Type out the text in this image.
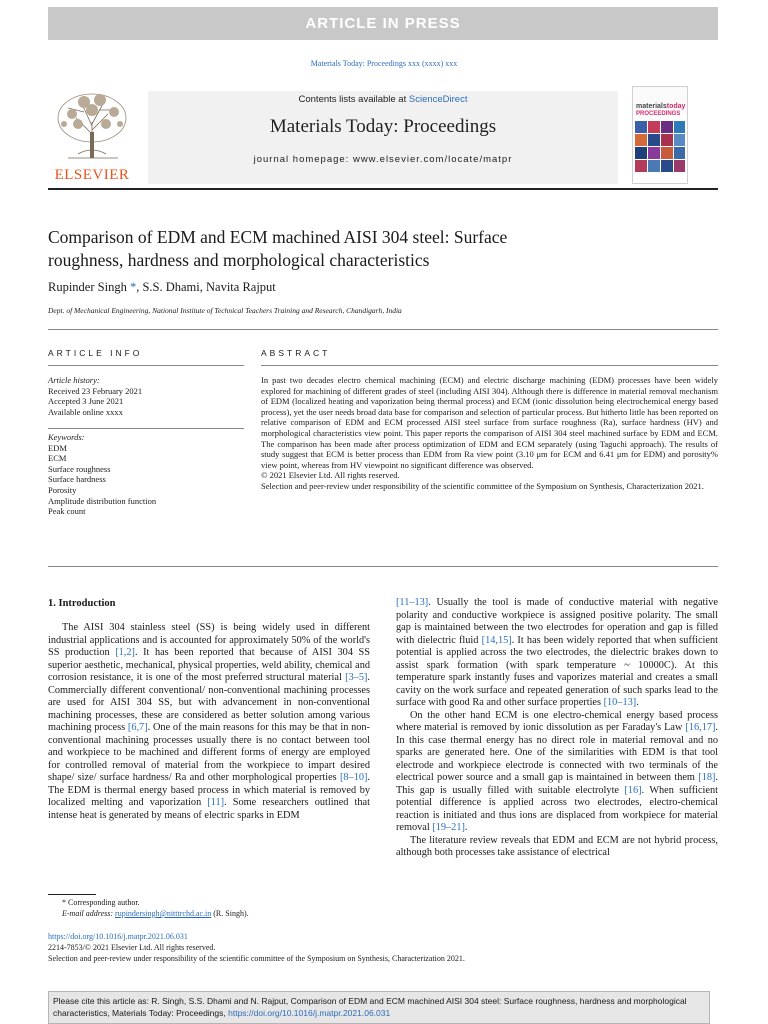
ARTICLE IN PRESS
Materials Today: Proceedings xxx (xxxx) xxx
ELSEVIER
Contents lists available at ScienceDirect
Materials Today: Proceedings
journal homepage: www.elsevier.com/locate/matpr
materialstoday
PROCEEDINGS
Comparison of EDM and ECM machined AISI 304 steel: Surface
roughness, hardness and morphological characteristics
Rupinder Singh *, S.S. Dhami, Navita Rajput
Dept. of Mechanical Engineering, National Institute of Technical Teachers Training and Research, Chandigarh, India
ARTICLE INFO	ABSTRACT
Article history:
Received 23 February 2021
Accepted 3 June 2021
Available online xxxx
Keywords:
EDM
ECM
Surface roughness
Surface hardness
Porosity
Amplitude distribution function
Peak count

In past two decades electro chemical machining (ECM) and electric discharge machining (EDM) processes have been widely explored for machining of different grades of steel (including AISI 304). Although there is difference in material removal mechanism of EDM (localized heating and vaporization being thermal process) and ECM (ionic dissolution being electrochemical energy based process), yet the user needs broad data base for comparison and selection of particular process. But hitherto little has been reported on relative comparison of EDM and ECM processed AISI steel surface from surface roughness (Ra), surface hardness (HV) and morphological characteristics view point. This paper reports the comparison of AISI 304 steel machined surface by EDM and ECM. The comparison has been made after process optimization of EDM and ECM separately (using Taguchi approach). The results of study suggest that ECM is better process than EDM from Ra view point (3.10 μm for ECM and 6.41 μm for EDM) and porosity% view point, whereas from HV viewpoint no significant difference was observed.

© 2021 Elsevier Ltd. All rights reserved.

Selection and peer-review under responsibility of the scientific committee of the Symposium on Synthesis, Characterization 2021.

1. Introduction

The AISI 304 stainless steel (SS) is being widely used in different industrial applications and is accounted for approximately 50% of the world's SS production [1,2]. It has been reported that because of AISI 304 SS superior aesthetic, mechanical, physical properties, weld ability, chemical and corrosion resistance, it is one of the most preferred structural material [3–5]. Commercially different conventional/ non-conventional machining processes are used for AISI 304 SS, but with advancement in non-conventional machining processes, these are considered as better solution among various machining process [6,7]. One of the main reasons for this may be that in non-conventional machining processes usually there is no contact between tool and workpiece to be machined and different forms of energy are employed for controlled removal of material from the workpiece to impart desired shape/ size/ surface hardness/ Ra and other morphological properties [8–10]. The EDM is thermal energy based process in which material is removed by localized melting and vaporization [11]. Some researchers outlined that intense heat is generated by means of electric sparks in EDM

[11–13]. Usually the tool is made of conductive material with negative polarity and conductive workpiece is assigned positive polarity. The small gap is maintained between the two electrodes for operation and gap is filled with dielectric fluid [14,15]. It has been widely reported that when sufficient potential is applied across the two electrodes, the dielectric brakes down to assist spark formation (with spark temperature ~ 10000C). At this temperature spark instantly fuses and vaporizes material and creates a small cavity on the work surface and repeated generation of such sparks lead to the surface with good Ra and other surface properties [10–13].

On the other hand ECM is one electro-chemical energy based process where material is removed by ionic dissolution as per Faraday's Law [16,17]. In this case thermal energy has no direct role in material removal and no sparks are generated here. One of the similarities with EDM is that tool electrode and workpiece electrode is connected with two terminals of the electrical power source and a small gap is maintained in between them [18]. This gap is usually filled with suitable electrolyte [16]. When sufficient potential difference is applied across two electrodes, electro-chemical reaction is initiated and thus ions are displaced from workpiece for material removal [19–21].

The literature review reveals that EDM and ECM are not hybrid process, although both processes take assistance of electrical

* Corresponding author.
E-mail address: rupindersingh@nitttrchd.ac.in (R. Singh).
https://doi.org/10.1016/j.matpr.2021.06.031
2214-7853/© 2021 Elsevier Ltd. All rights reserved.
Selection and peer-review under responsibility of the scientific committee of the Symposium on Synthesis, Characterization 2021.
Please cite this article as: R. Singh, S.S. Dhami and N. Rajput, Comparison of EDM and ECM machined AISI 304 steel: Surface roughness, hardness and morphological characteristics, Materials Today: Proceedings, https://doi.org/10.1016/j.matpr.2021.06.031
